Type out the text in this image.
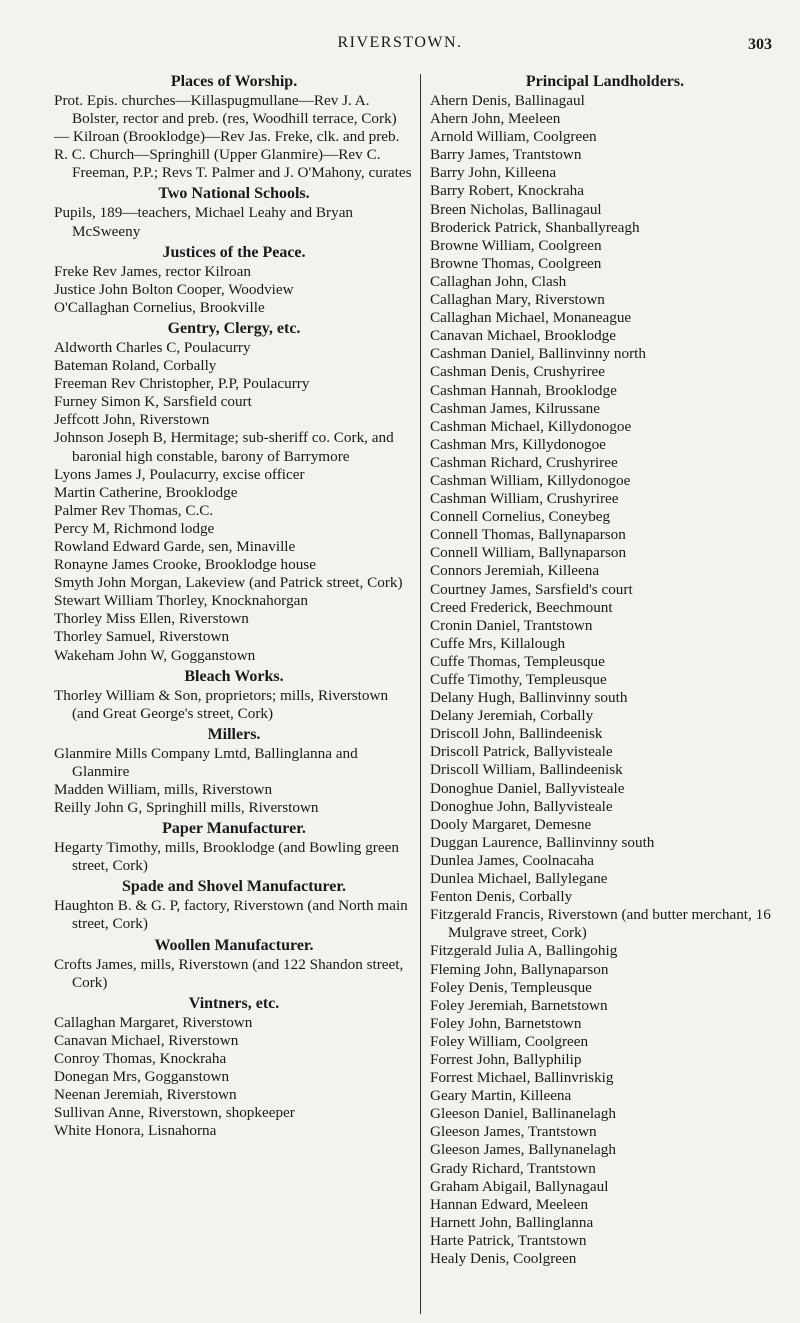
RIVERSTOWN.	303
Places of Worship.
Prot. Epis. churches—Killaspugmullane—Rev J. A. Bolster, rector and preb. (res, Woodhill terrace, Cork)
— Kilroan (Brooklodge)—Rev Jas. Freke, clk. and preb.
R. C. Church—Springhill (Upper Glanmire)—Rev C. Freeman, P.P.; Revs T. Palmer and J. O'Mahony, curates
Two National Schools.
Pupils, 189—teachers, Michael Leahy and Bryan McSweeny
Justices of the Peace.
Freke Rev James, rector Kilroan
Justice John Bolton Cooper, Woodview
O'Callaghan Cornelius, Brookville
Gentry, Clergy, etc.
Aldworth Charles C, Poulacurry
Bateman Roland, Corbally
Freeman Rev Christopher, P.P, Poulacurry
Furney Simon K, Sarsfield court
Jeffcott John, Riverstown
Johnson Joseph B, Hermitage; sub-sheriff co. Cork, and baronial high constable, barony of Barrymore
Lyons James J, Poulacurry, excise officer
Martin Catherine, Brooklodge
Palmer Rev Thomas, C.C.
Percy M, Richmond lodge
Rowland Edward Garde, sen, Minaville
Ronayne James Crooke, Brooklodge house
Smyth John Morgan, Lakeview (and Patrick street, Cork)
Stewart William Thorley, Knocknahorgan
Thorley Miss Ellen, Riverstown
Thorley Samuel, Riverstown
Wakeham John W, Gogganstown
Bleach Works.
Thorley William & Son, proprietors; mills, Riverstown (and Great George's street, Cork)
Millers.
Glanmire Mills Company Lmtd, Ballinglanna and Glanmire
Madden William, mills, Riverstown
Reilly John G, Springhill mills, Riverstown
Paper Manufacturer.
Hegarty Timothy, mills, Brooklodge (and Bowling green street, Cork)
Spade and Shovel Manufacturer.
Haughton B. & G. P, factory, Riverstown (and North main street, Cork)
Woollen Manufacturer.
Crofts James, mills, Riverstown (and 122 Shandon street, Cork)
Vintners, etc.
Callaghan Margaret, Riverstown
Canavan Michael, Riverstown
Conroy Thomas, Knockraha
Donegan Mrs, Gogganstown
Neenan Jeremiah, Riverstown
Sullivan Anne, Riverstown, shopkeeper
White Honora, Lisnahorna
Principal Landholders.
Ahern Denis, Ballinagaul
Ahern John, Meeleen
Arnold William, Coolgreen
Barry James, Trantstown
Barry John, Killeena
Barry Robert, Knockraha
Breen Nicholas, Ballinagaul
Broderick Patrick, Shanballyreagh
Browne William, Coolgreen
Browne Thomas, Coolgreen
Callaghan John, Clash
Callaghan Mary, Riverstown
Callaghan Michael, Monaneague
Canavan Michael, Brooklodge
Cashman Daniel, Ballinvinny north
Cashman Denis, Crushyriree
Cashman Hannah, Brooklodge
Cashman James, Kilrussane
Cashman Michael, Killydonogoe
Cashman Mrs, Killydonogoe
Cashman Richard, Crushyriree
Cashman William, Killydonogoe
Cashman William, Crushyriree
Connell Cornelius, Coneybeg
Connell Thomas, Ballynaparson
Connell William, Ballynaparson
Connors Jeremiah, Killeena
Courtney James, Sarsfield's court
Creed Frederick, Beechmount
Cronin Daniel, Trantstown
Cuffe Mrs, Killalough
Cuffe Thomas, Templeusque
Cuffe Timothy, Templeusque
Delany Hugh, Ballinvinny south
Delany Jeremiah, Corbally
Driscoll John, Ballindeenisk
Driscoll Patrick, Ballyvisteale
Driscoll William, Ballindeenisk
Donoghue Daniel, Ballyvisteale
Donoghue John, Ballyvisteale
Dooly Margaret, Demesne
Duggan Laurence, Ballinvinny south
Dunlea James, Coolnacaha
Dunlea Michael, Ballyleganе
Fenton Denis, Corbally
Fitzgerald Francis, Riverstown (and butter merchant, 16 Mulgrave street, Cork)
Fitzgerald Julia A, Ballingohig
Fleming John, Ballynaparson
Foley Denis, Templeusque
Foley Jeremiah, Barnetstown
Foley John, Barnetstown
Foley William, Coolgreen
Forrest John, Ballyphilip
Forrest Michael, Ballinvriskig
Geary Martin, Killeena
Gleeson Daniel, Ballinanelagh
Gleeson James, Trantstown
Gleeson James, Ballynanelagh
Grady Richard, Trantstown
Graham Abigail, Ballynagaul
Hannan Edward, Meeleen
Harnett John, Ballinglanna
Harte Patrick, Trantstown
Healy Denis, Coolgreen
